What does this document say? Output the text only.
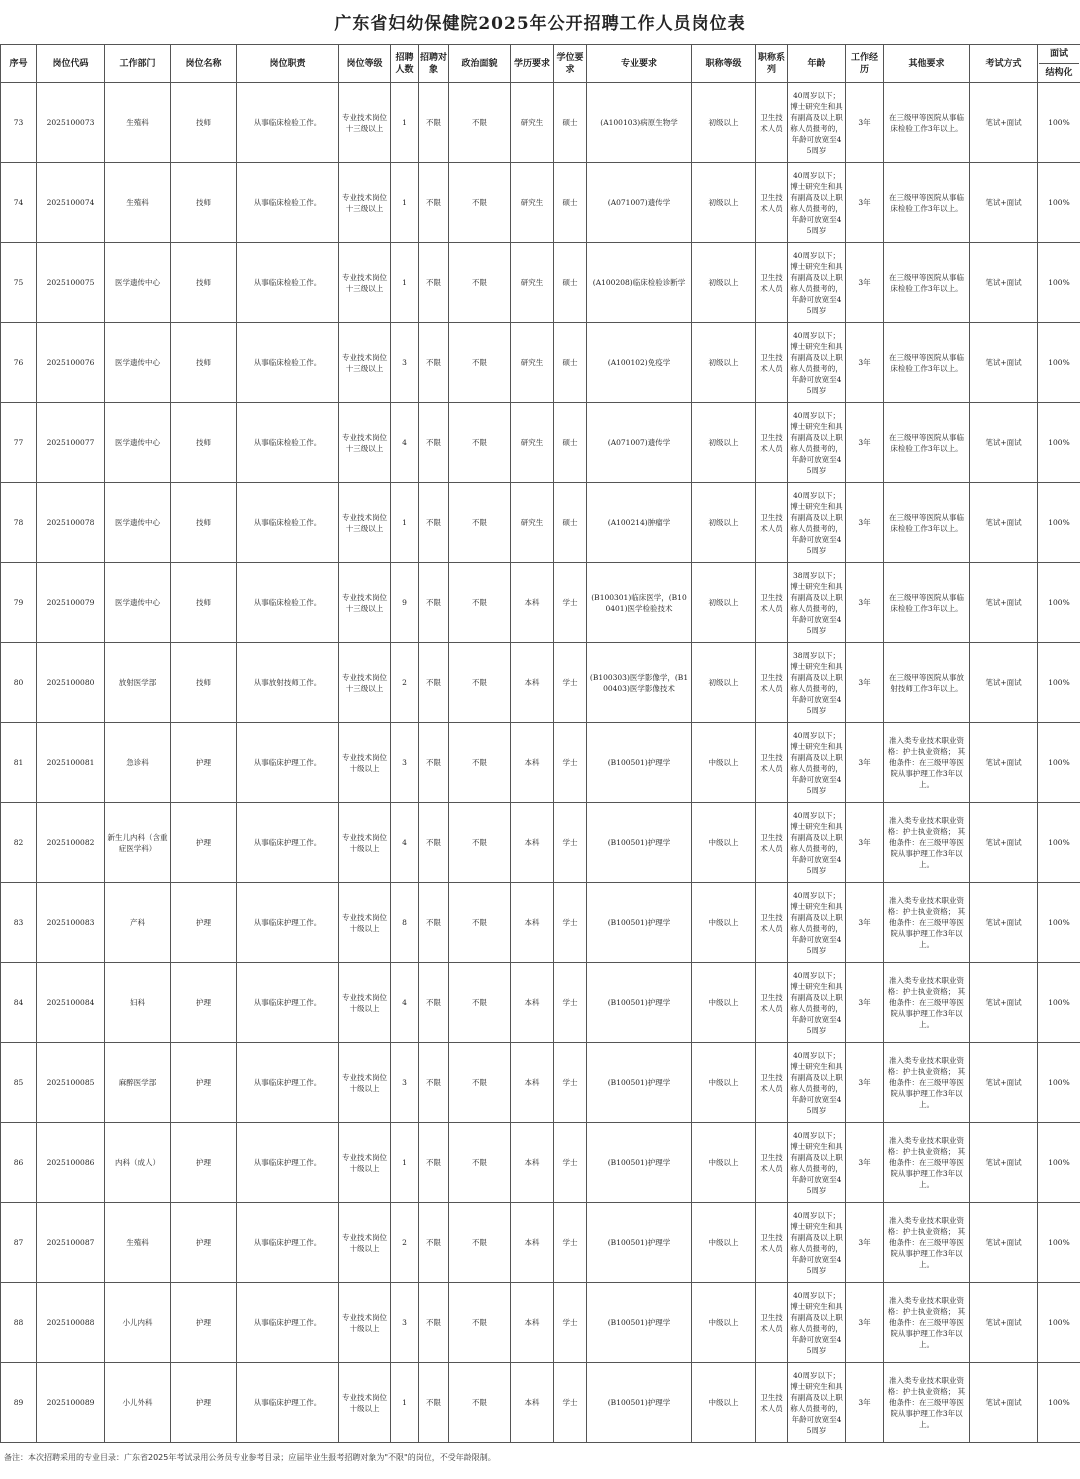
广东省妇幼保健院2025年公开招聘工作人员岗位表
序号	岗位代码	工作部门	岗位名称	岗位职责	岗位等级	招聘人数	招聘对象	政治面貌	学历要求	学位要求	专业要求	职称等级	职称系列	年龄	工作经历	其他要求	考试方式	面试
结构化

73	2025100073	生殖科	技师	从事临床检验工作。	专业技术岗位十三级以上	1	不限	不限	研究生	硕士	(A100103)病原生物学	初级以上	卫生技术人员	40周岁以下；博士研究生和具有副高及以上职称人员报考的，年龄可放宽至45周岁	3年	在三级甲等医院从事临床检验工作3年以上。	笔试+面试	100%
74	2025100074	生殖科	技师	从事临床检验工作。	专业技术岗位十三级以上	1	不限	不限	研究生	硕士	(A071007)遗传学	初级以上	卫生技术人员	40周岁以下；博士研究生和具有副高及以上职称人员报考的，年龄可放宽至45周岁	3年	在三级甲等医院从事临床检验工作3年以上。	笔试+面试	100%
75	2025100075	医学遗传中心	技师	从事临床检验工作。	专业技术岗位十三级以上	1	不限	不限	研究生	硕士	(A100208)临床检验诊断学	初级以上	卫生技术人员	40周岁以下；博士研究生和具有副高及以上职称人员报考的，年龄可放宽至45周岁	3年	在三级甲等医院从事临床检验工作3年以上。	笔试+面试	100%
76	2025100076	医学遗传中心	技师	从事临床检验工作。	专业技术岗位十三级以上	3	不限	不限	研究生	硕士	(A100102)免疫学	初级以上	卫生技术人员	40周岁以下；博士研究生和具有副高及以上职称人员报考的，年龄可放宽至45周岁	3年	在三级甲等医院从事临床检验工作3年以上。	笔试+面试	100%
77	2025100077	医学遗传中心	技师	从事临床检验工作。	专业技术岗位十三级以上	4	不限	不限	研究生	硕士	(A071007)遗传学	初级以上	卫生技术人员	40周岁以下；博士研究生和具有副高及以上职称人员报考的，年龄可放宽至45周岁	3年	在三级甲等医院从事临床检验工作3年以上。	笔试+面试	100%
78	2025100078	医学遗传中心	技师	从事临床检验工作。	专业技术岗位十三级以上	1	不限	不限	研究生	硕士	(A100214)肿瘤学	初级以上	卫生技术人员	40周岁以下；博士研究生和具有副高及以上职称人员报考的，年龄可放宽至45周岁	3年	在三级甲等医院从事临床检验工作3年以上。	笔试+面试	100%
79	2025100079	医学遗传中心	技师	从事临床检验工作。	专业技术岗位十三级以上	9	不限	不限	本科	学士	(B100301)临床医学，(B100401)医学检验技术	初级以上	卫生技术人员	38周岁以下；博士研究生和具有副高及以上职称人员报考的，年龄可放宽至45周岁	3年	在三级甲等医院从事临床检验工作3年以上。	笔试+面试	100%
80	2025100080	放射医学部	技师	从事放射技师工作。	专业技术岗位十三级以上	2	不限	不限	本科	学士	(B100303)医学影像学，(B100403)医学影像技术	初级以上	卫生技术人员	38周岁以下；博士研究生和具有副高及以上职称人员报考的，年龄可放宽至45周岁	3年	在三级甲等医院从事放射技师工作3年以上。	笔试+面试	100%
81	2025100081	急诊科	护理	从事临床护理工作。	专业技术岗位十级以上	3	不限	不限	本科	学士	(B100501)护理学	中级以上	卫生技术人员	40周岁以下；博士研究生和具有副高及以上职称人员报考的，年龄可放宽至45周岁	3年	准入类专业技术职业资格：护士执业资格； 其他条件：在三级甲等医院从事护理工作3年以上。	笔试+面试	100%
82	2025100082	新生儿内科（含重症医学科）	护理	从事临床护理工作。	专业技术岗位十级以上	4	不限	不限	本科	学士	(B100501)护理学	中级以上	卫生技术人员	40周岁以下；博士研究生和具有副高及以上职称人员报考的，年龄可放宽至45周岁	3年	准入类专业技术职业资格：护士执业资格； 其他条件：在三级甲等医院从事护理工作3年以上。	笔试+面试	100%
83	2025100083	产科	护理	从事临床护理工作。	专业技术岗位十级以上	8	不限	不限	本科	学士	(B100501)护理学	中级以上	卫生技术人员	40周岁以下；博士研究生和具有副高及以上职称人员报考的，年龄可放宽至45周岁	3年	准入类专业技术职业资格：护士执业资格； 其他条件：在三级甲等医院从事护理工作3年以上。	笔试+面试	100%
84	2025100084	妇科	护理	从事临床护理工作。	专业技术岗位十级以上	4	不限	不限	本科	学士	(B100501)护理学	中级以上	卫生技术人员	40周岁以下；博士研究生和具有副高及以上职称人员报考的，年龄可放宽至45周岁	3年	准入类专业技术职业资格：护士执业资格； 其他条件：在三级甲等医院从事护理工作3年以上。	笔试+面试	100%
85	2025100085	麻醉医学部	护理	从事临床护理工作。	专业技术岗位十级以上	3	不限	不限	本科	学士	(B100501)护理学	中级以上	卫生技术人员	40周岁以下；博士研究生和具有副高及以上职称人员报考的，年龄可放宽至45周岁	3年	准入类专业技术职业资格：护士执业资格； 其他条件：在三级甲等医院从事护理工作3年以上。	笔试+面试	100%
86	2025100086	内科（成人）	护理	从事临床护理工作。	专业技术岗位十级以上	1	不限	不限	本科	学士	(B100501)护理学	中级以上	卫生技术人员	40周岁以下；博士研究生和具有副高及以上职称人员报考的，年龄可放宽至45周岁	3年	准入类专业技术职业资格：护士执业资格； 其他条件：在三级甲等医院从事护理工作3年以上。	笔试+面试	100%
87	2025100087	生殖科	护理	从事临床护理工作。	专业技术岗位十级以上	2	不限	不限	本科	学士	(B100501)护理学	中级以上	卫生技术人员	40周岁以下；博士研究生和具有副高及以上职称人员报考的，年龄可放宽至45周岁	3年	准入类专业技术职业资格：护士执业资格； 其他条件：在三级甲等医院从事护理工作3年以上。	笔试+面试	100%
88	2025100088	小儿内科	护理	从事临床护理工作。	专业技术岗位十级以上	3	不限	不限	本科	学士	(B100501)护理学	中级以上	卫生技术人员	40周岁以下；博士研究生和具有副高及以上职称人员报考的，年龄可放宽至45周岁	3年	准入类专业技术职业资格：护士执业资格； 其他条件：在三级甲等医院从事护理工作3年以上。	笔试+面试	100%
89	2025100089	小儿外科	护理	从事临床护理工作。	专业技术岗位十级以上	1	不限	不限	本科	学士	(B100501)护理学	中级以上	卫生技术人员	40周岁以下；博士研究生和具有副高及以上职称人员报考的，年龄可放宽至45周岁	3年	准入类专业技术职业资格：护士执业资格； 其他条件：在三级甲等医院从事护理工作3年以上。	笔试+面试	100%
备注：本次招聘采用的专业目录：广东省2025年考试录用公务员专业参考目录；应届毕业生报考招聘对象为"不限"的岗位，不受年龄限制。
